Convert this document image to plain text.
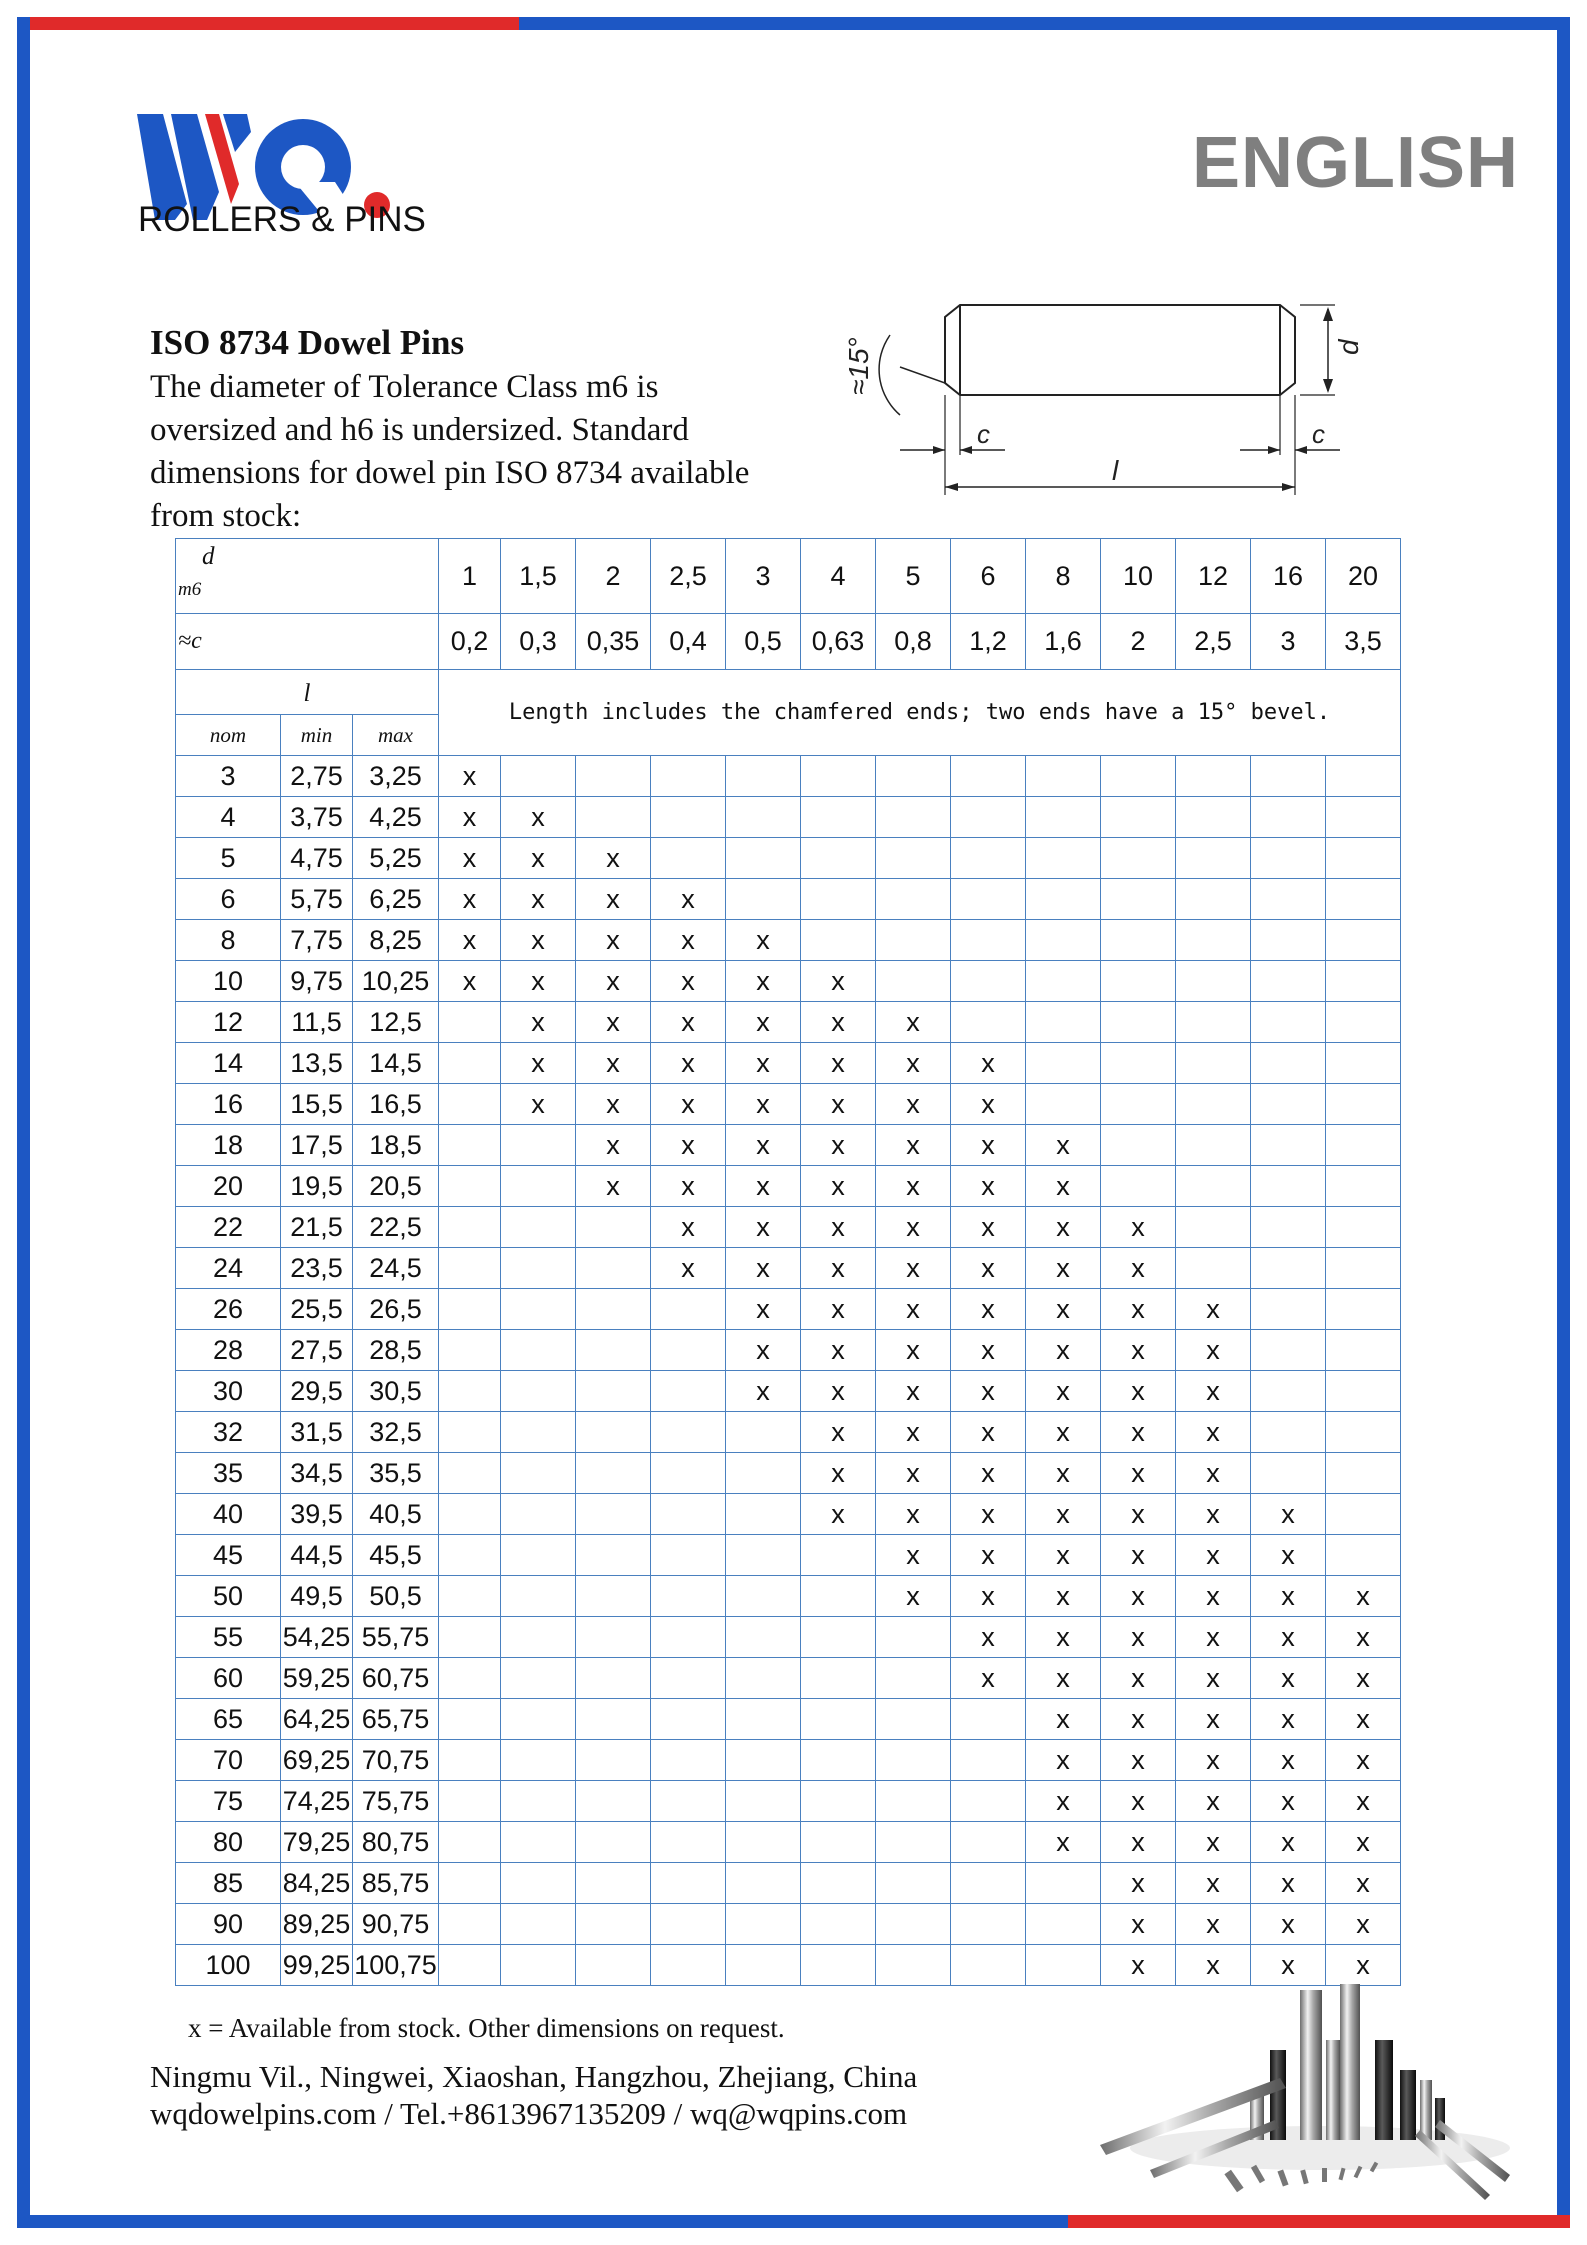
ROLLERS & PINS
ENGLISH
ISO 8734 Dowel Pins
The diameter of Tolerance Class m6 is oversized and h6 is undersized. Standard dimensions for dowel pin ISO 8734 available from stock:
≈15°	d
c	c
l
d
m6			1	1,5	2	2,5	3	4	5	6	8	10	12	16	20

≈c			0,2	0,3	0,35	0,4	0,5	0,63	0,8	1,2	1,6	2	2,5	3	3,5
l			Length includes the chamfered ends; two ends have a 15° bevel.												
nom	min	max													
3	2,75	3,25	x												
4	3,75	4,25	x	x											
5	4,75	5,25	x	x	x										
6	5,75	6,25	x	x	x	x									
8	7,75	8,25	x	x	x	x	x								
10	9,75	10,25	x	x	x	x	x	x							
12	11,5	12,5		x	x	x	x	x	x						
14	13,5	14,5		x	x	x	x	x	x	x					
16	15,5	16,5		x	x	x	x	x	x	x					
18	17,5	18,5			x	x	x	x	x	x	x				
20	19,5	20,5			x	x	x	x	x	x	x				
22	21,5	22,5				x	x	x	x	x	x	x			
24	23,5	24,5				x	x	x	x	x	x	x			
26	25,5	26,5					x	x	x	x	x	x	x		
28	27,5	28,5					x	x	x	x	x	x	x		
30	29,5	30,5					x	x	x	x	x	x	x		
32	31,5	32,5						x	x	x	x	x	x		
35	34,5	35,5						x	x	x	x	x	x		
40	39,5	40,5						x	x	x	x	x	x	x	
45	44,5	45,5							x	x	x	x	x	x	
50	49,5	50,5							x	x	x	x	x	x	x
55	54,25	55,75								x	x	x	x	x	x
60	59,25	60,75								x	x	x	x	x	x
65	64,25	65,75									x	x	x	x	x
70	69,25	70,75									x	x	x	x	x
75	74,25	75,75									x	x	x	x	x
80	79,25	80,75									x	x	x	x	x
85	84,25	85,75										x	x	x	x
90	89,25	90,75										x	x	x	x
100	99,25	100,75										x	x	x	x
x = Available from stock. Other dimensions on request.
Ningmu Vil., Ningwei, Xiaoshan, Hangzhou, Zhejiang, China
wqdowelpins.com / Tel.+8613967135209 / wq@wqpins.com
